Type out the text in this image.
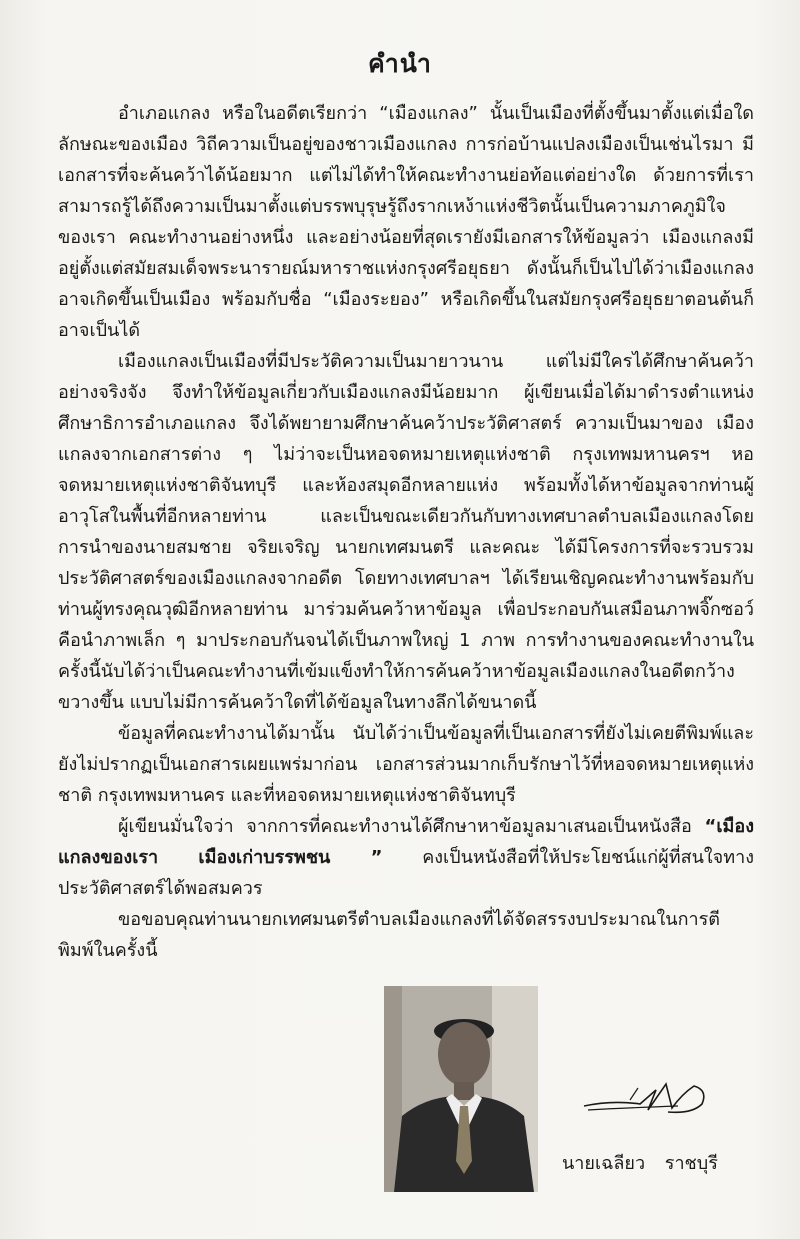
คำนำ

อำเภอแกลง หรือในอดีตเรียกว่า “เมืองแกลง” นั้นเป็นเมืองที่ตั้งขึ้นมาตั้งแต่เมื่อใด ลักษณะของเมือง วิถีความเป็นอยู่ของชาวเมืองแกลง การก่อบ้านแปลงเมืองเป็นเช่นไรมา มีเอกสารที่จะค้นคว้าได้น้อยมาก แต่ไม่ได้ทำให้คณะทำงานย่อท้อแต่อย่างใด ด้วยการที่เราสามารถรู้ได้ถึงความเป็นมาตั้งแต่บรรพบุรุษรู้ถึงรากเหง้าแห่งชีวิตนั้นเป็นความภาคภูมิใจของเรา คณะทำงานอย่างหนึ่ง และอย่างน้อยที่สุดเรายังมีเอกสารให้ข้อมูลว่า เมืองแกลงมีอยู่ตั้งแต่สมัยสมเด็จพระนารายณ์มหาราชแห่งกรุงศรีอยุธยา ดังนั้นก็เป็นไปได้ว่าเมืองแกลงอาจเกิดขึ้นเป็นเมือง พร้อมกับชื่อ “เมืองระยอง” หรือเกิดขึ้นในสมัยกรุงศรีอยุธยาตอนต้นก็อาจเป็นได้

เมืองแกลงเป็นเมืองที่มีประวัติความเป็นมายาวนาน แต่ไม่มีใครได้ศึกษาค้นคว้าอย่างจริงจัง จึงทำให้ข้อมูลเกี่ยวกับเมืองแกลงมีน้อยมาก ผู้เขียนเมื่อได้มาดำรงตำแหน่งศึกษาธิการอำเภอแกลง จึงได้พยายามศึกษาค้นคว้าประวัติศาสตร์ ความเป็นมาของ เมืองแกลงจากเอกสารต่าง ๆ ไม่ว่าจะเป็นหอจดหมายเหตุแห่งชาติ กรุงเทพมหานครฯ หอจดหมายเหตุแห่งชาติจันทบุรี และห้องสมุดอีกหลายแห่ง พร้อมทั้งได้หาข้อมูลจากท่านผู้อาวุโสในพื้นที่อีกหลายท่าน และเป็นขณะเดียวกันกับทางเทศบาลตำบลเมืองแกลงโดยการนำของนายสมชาย จริยเจริญ นายกเทศมนตรี และคณะ ได้มีโครงการที่จะรวบรวมประวัติศาสตร์ของเมืองแกลงจากอดีต โดยทางเทศบาลฯ ได้เรียนเชิญคณะทำงานพร้อมกับท่านผู้ทรงคุณวุฒิอีกหลายท่าน มาร่วมค้นคว้าหาข้อมูล เพื่อประกอบกันเสมือนภาพจิ๊กซอว์ คือนำภาพเล็ก ๆ มาประกอบกันจนได้เป็นภาพใหญ่ 1 ภาพ การทำงานของคณะทำงานในครั้งนี้นับได้ว่าเป็นคณะทำงานที่เข้มแข็งทำให้การค้นคว้าหาข้อมูลเมืองแกลงในอดีตกว้างขวางขึ้น แบบไม่มีการค้นคว้าใดที่ได้ข้อมูลในทางลึกได้ขนาดนี้

ข้อมูลที่คณะทำงานได้มานั้น นับได้ว่าเป็นข้อมูลที่เป็นเอกสารที่ยังไม่เคยตีพิมพ์และยังไม่ปรากฏเป็นเอกสารเผยแพร่มาก่อน เอกสารส่วนมากเก็บรักษาไว้ที่หอจดหมายเหตุแห่งชาติ กรุงเทพมหานคร และที่หอจดหมายเหตุแห่งชาติจันทบุรี

ผู้เขียนมั่นใจว่า จากการที่คณะทำงานได้ศึกษาหาข้อมูลมาเสนอเป็นหนังสือ “เมืองแกลงของเรา เมืองเก่าบรรพชน ” คงเป็นหนังสือที่ให้ประโยชน์แก่ผู้ที่สนใจทางประวัติศาสตร์ได้พอสมควร

ขอขอบคุณท่านนายกเทศมนตรีตำบลเมืองแกลงที่ได้จัดสรรงบประมาณในการตีพิมพ์ในครั้งนี้

นายเฉลียว ราชบุรี
